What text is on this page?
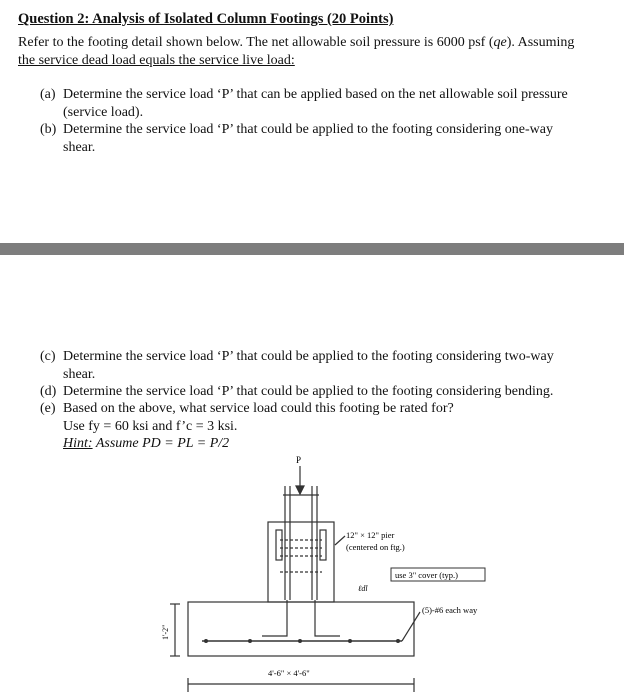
Question 2: Analysis of Isolated Column Footings (20 Points)
Refer to the footing detail shown below. The net allowable soil pressure is 6000 psf (qe). Assuming
the service dead load equals the service live load:
(a) Determine the service load ‘P’ that can be applied based on the net allowable soil pressure
(service load).
(b) Determine the service load ‘P’ that could be applied to the footing considering one-way
shear.
(c) Determine the service load ‘P’ that could be applied to the footing considering two-way
shear.
(d) Determine the service load ‘P’ that could be applied to the footing considering bending.
(e) Based on the above, what service load could this footing be rated for?
Use fy = 60 ksi and f’c = 3 ksi.
Hint: Assume PD = PL = P/2
P
12" × 12" pier
(centered on ftg.)
ℓdl
use 3" cover (typ.)
(5)-#6 each way
1'-2"
4'-6" × 4'-6"
